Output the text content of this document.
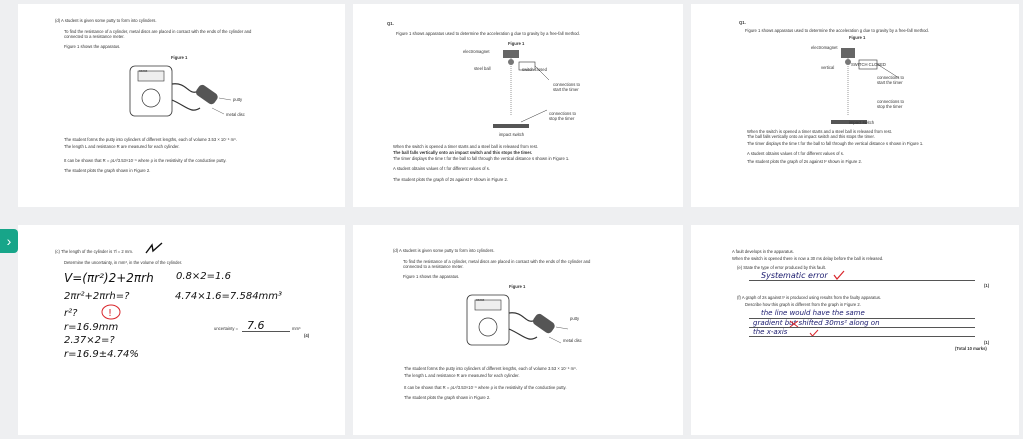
›
(d) A student is given some putty to form into cylinders.
To find the resistance of a cylinder, metal discs are placed in contact with the ends of the cylinder and
connected to a resistance meter.
Figure 1 shows the apparatus.
Figure 1
88888
putty
metal disc
The student forms the putty into cylinders of different lengths, each of volume 3.53 × 10⁻⁶ m³.
The length L and resistance R are measured for each cylinder.
It can be shown that R = ρL²/3.53×10⁻⁶ where ρ is the resistivity of the conductive putty.
The student plots the graph shown in Figure 2.
Q1.
Figure 1 shows apparatus used to determine the acceleration g due to gravity by a free-fall method.
Figure 1
electromagnet
steel ball	switch closed
connections to
start the timer
connections to
stop the timer
impact switch
When the switch is opened a timer starts and a steel ball is released from rest.
The ball falls vertically onto an impact switch and this stops the timer.
The timer displays the time t for the ball to fall through the vertical distance s shown in Figure 1.
A student obtains values of t for different values of s.
The student plots the graph of 2s against t² shown in Figure 2.
Q1.
Figure 1 shows apparatus used to determine the acceleration g due to gravity by a free-fall method.
Figure 1
electromagnet
SWITCH CLOSED
vertical
connections to
start the timer
connections to
stop the timer
impact switch
When the switch is opened a timer starts and a steel ball is released from rest.
The ball falls vertically onto an impact switch and this stops the timer.
The timer displays the time t for the ball to fall through the vertical distance s shown in Figure 1.
A student obtains values of t for different values of s.
The student plots the graph of 2s against t² shown in Figure 2.
(c) The length of the cylinder is 7l = 2 mm.
Determine the uncertainty, in mm³, in the volume of the cylinder.
V=(πr²)2+2πrh 0.8×2=1.6
2πr²+2πrh=?	4.74×1.6=7.584mm³
r²?	!
r=16.9mm
2.37×2=?
r=16.9±4.74%
uncertainty = 7.6	mm³
(4)
(d) A student is given some putty to form into cylinders.
To find the resistance of a cylinder, metal discs are placed in contact with the ends of the cylinder and
connected to a resistance meter.
Figure 1 shows the apparatus.
Figure 1
88888
putty
metal disc
The student forms the putty into cylinders of different lengths, each of volume 3.53 × 10⁻⁶ m³.
The length L and resistance R are measured for each cylinder.
It can be shown that R = ρL²/3.53×10⁻⁶ where ρ is the resistivity of the conductive putty.
The student plots the graph shown in Figure 2.
A fault develops in the apparatus.
When the switch is opened there is now a 30 ms delay before the ball is released.
(e) State the type of error produced by this fault.
Systematic error
(1)
(f) A graph of 2s against t² is produced using results from the faulty apparatus.
Describe how this graph is different from the graph in Figure 2.
the line would have the same
gradient but shifted 30ms² along on
the x-axis
(1)
(Total 10 marks)
